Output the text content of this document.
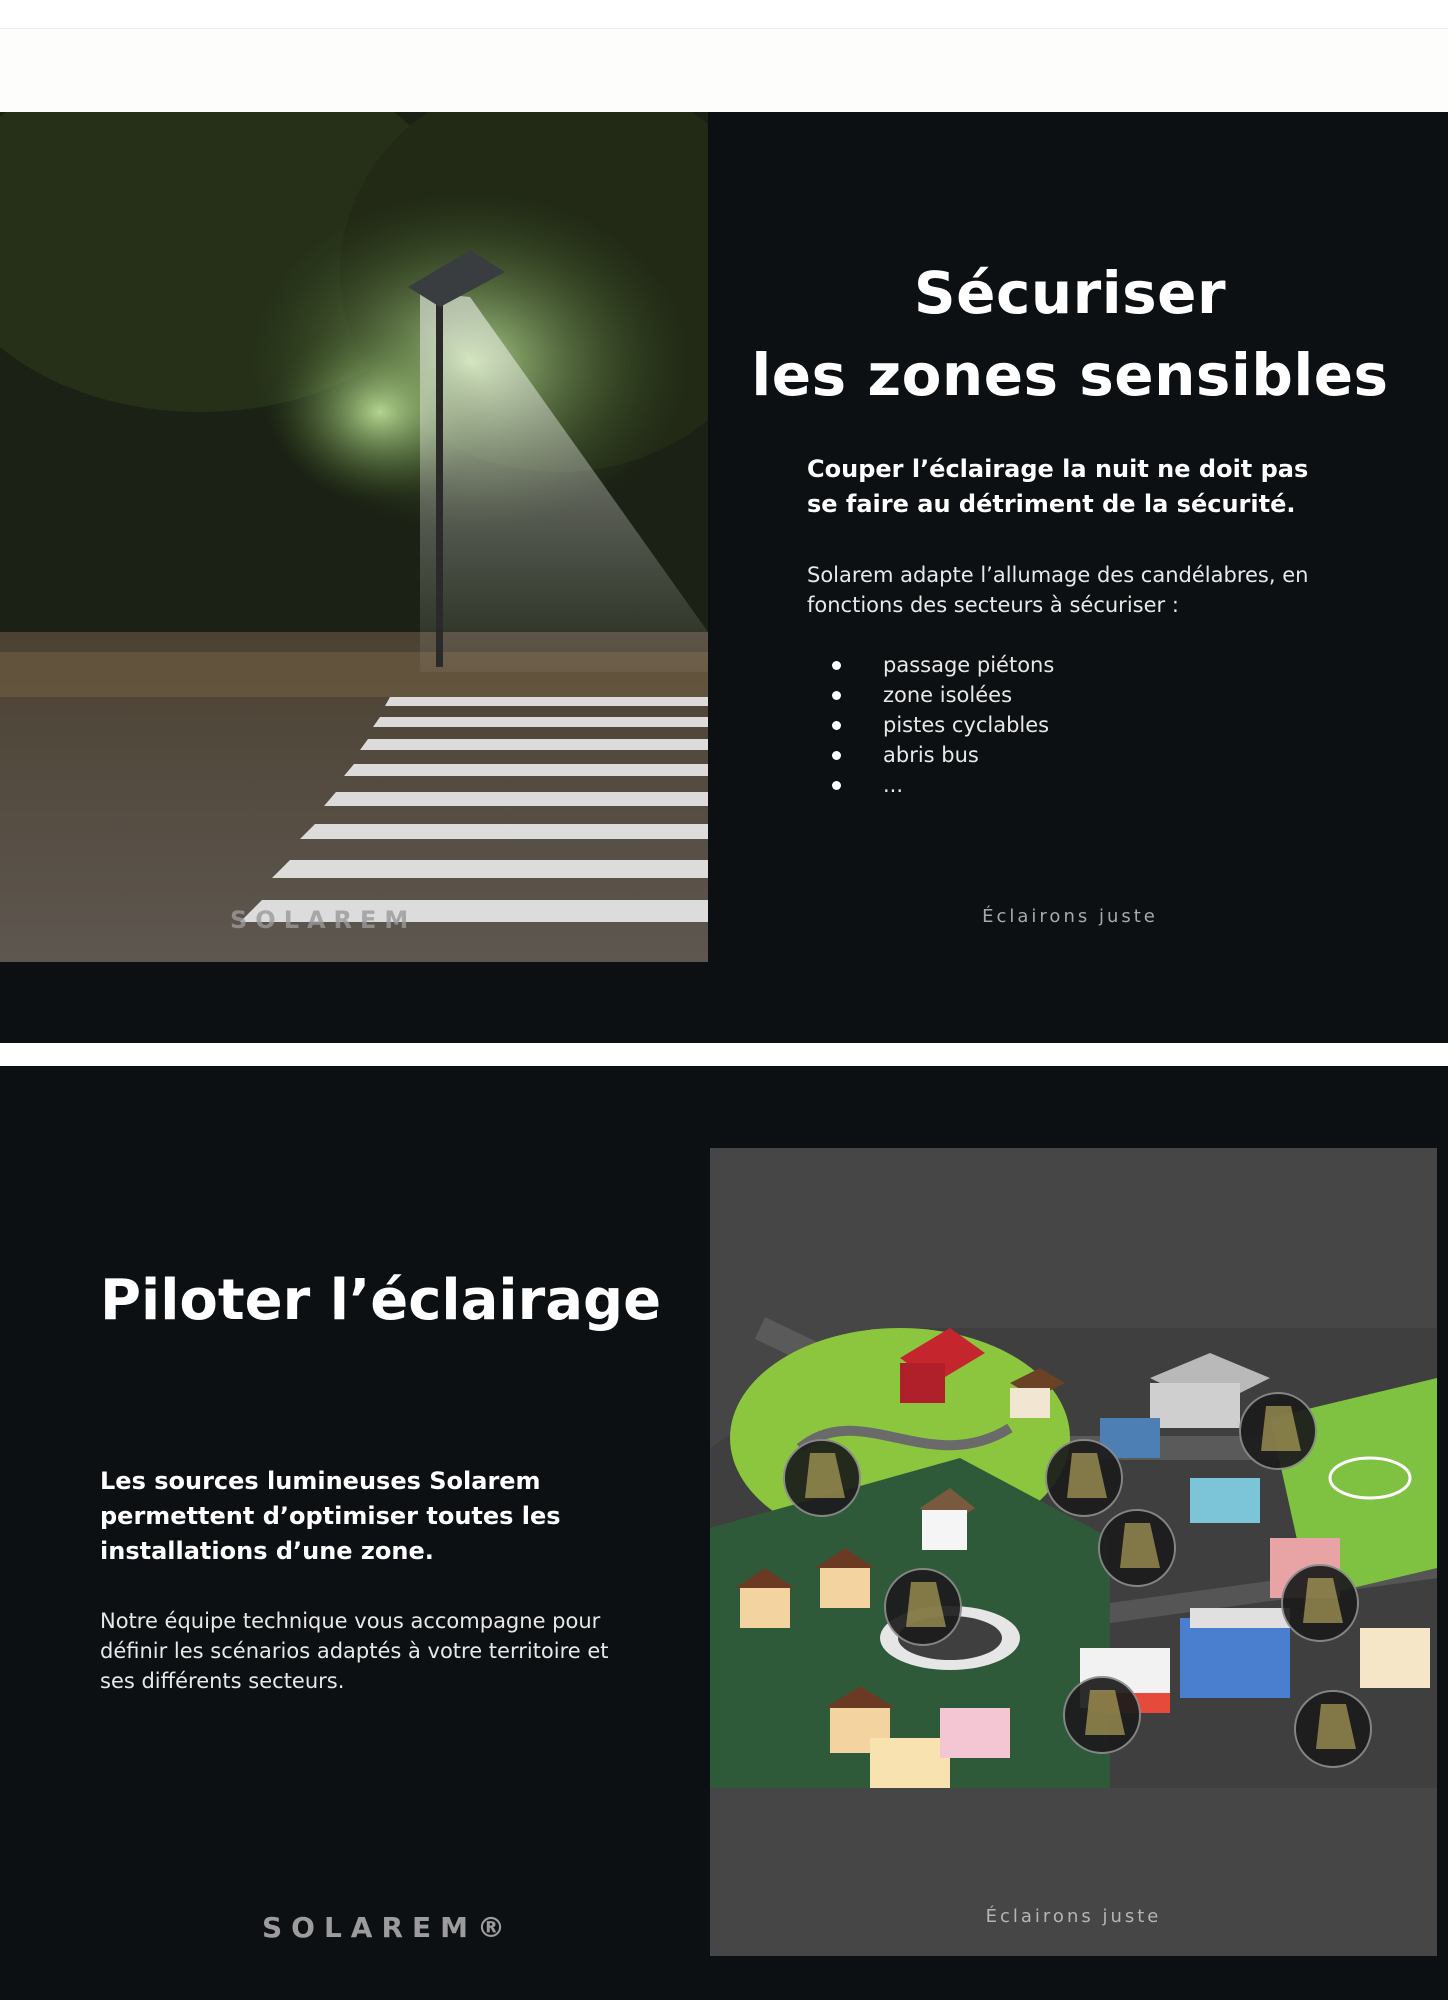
SOLAREM
Sécuriser
les zones sensibles

Couper l’éclairage la nuit ne doit pas se faire au détriment de la sécurité.

Solarem adapte l’allumage des candélabres, en fonctions des secteurs à sécuriser :

passage piétons
zone isolées
pistes cyclables
abris bus
...
Éclairons juste
Piloter l’éclairage

Les sources lumineuses Solarem permettent d’optimiser toutes les installations d’une zone.

Notre équipe technique vous accompagne pour définir les scénarios adaptés à votre territoire et ses différents secteurs.

SOLAREM®	Éclairons juste
